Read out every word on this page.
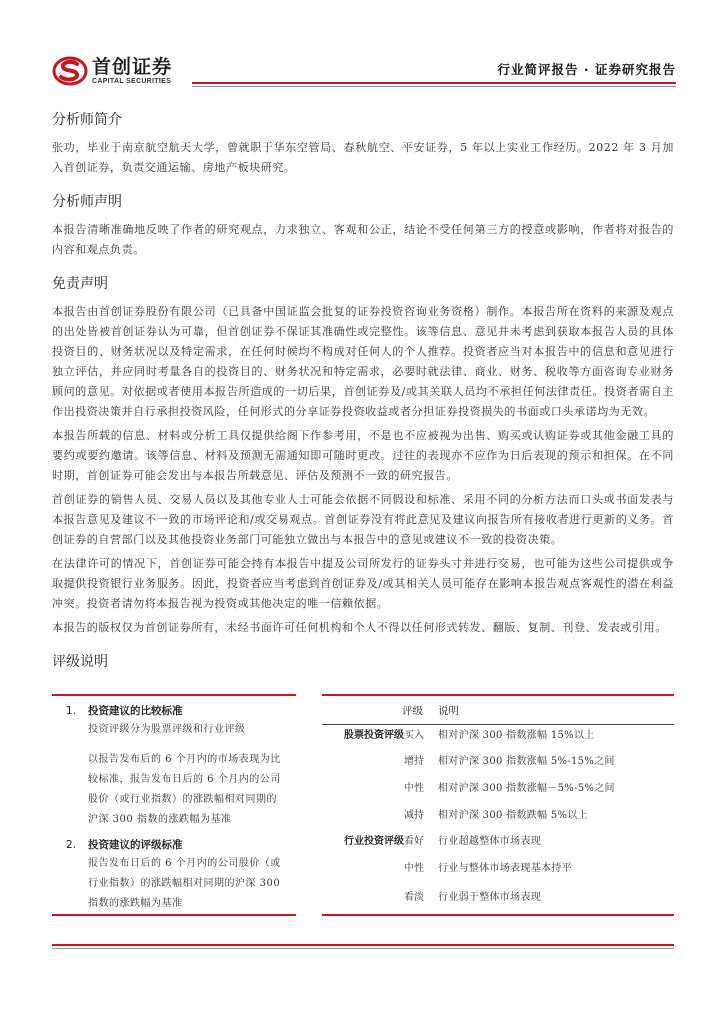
首创证券
CAPITAL SECURITIES
行业简评报告 · 证券研究报告
分析师简介
张功，毕业于南京航空航天大学，曾就职于华东空管局、春秋航空、平安证券，5 年以上实业工作经历。2022 年 3 月加入首创证券，负责交通运输、房地产板块研究。
分析师声明
本报告清晰准确地反映了作者的研究观点，力求独立、客观和公正，结论不受任何第三方的授意或影响，作者将对报告的内容和观点负责。
免责声明
本报告由首创证券股份有限公司（已具备中国证监会批复的证券投资咨询业务资格）制作。本报告所在资料的来源及观点的出处皆被首创证券认为可靠，但首创证券不保证其准确性或完整性。该等信息、意见并未考虑到获取本报告人员的具体投资目的、财务状况以及特定需求，在任何时候均不构成对任何人的个人推荐。投资者应当对本报告中的信息和意见进行独立评估，并应同时考量各自的投资目的、财务状况和特定需求，必要时就法律、商业、财务、税收等方面咨询专业财务顾问的意见。对依据或者使用本报告所造成的一切后果，首创证券及/或其关联人员均不承担任何法律责任。投资者需自主作出投资决策并自行承担投资风险，任何形式的分享证券投资收益或者分担证券投资损失的书面或口头承诺均为无效。
本报告所载的信息、材料或分析工具仅提供给阁下作参考用，不是也不应被视为出售、购买或认购证券或其他金融工具的要约或要约邀请。该等信息、材料及预测无需通知即可随时更改。过往的表现亦不应作为日后表现的预示和担保。在不同时期，首创证券可能会发出与本报告所载意见、评估及预测不一致的研究报告。
首创证券的销售人员、交易人员以及其他专业人士可能会依据不同假设和标准、采用不同的分析方法而口头或书面发表与本报告意见及建议不一致的市场评论和/或交易观点。首创证券没有将此意见及建议向报告所有接收者进行更新的义务。首创证券的自营部门以及其他投资业务部门可能独立做出与本报告中的意见或建议不一致的投资决策。
在法律许可的情况下，首创证券可能会持有本报告中提及公司所发行的证券头寸并进行交易，也可能为这些公司提供或争取提供投资银行业务服务。因此，投资者应当考虑到首创证券及/或其相关人员可能存在影响本报告观点客观性的潜在利益冲突。投资者请勿将本报告视为投资或其他决定的唯一信赖依据。
本报告的版权仅为首创证券所有，未经书面许可任何机构和个人不得以任何形式转发、翻版、复制、刊登、发表或引用。
评级说明
1. 投资建议的比较标准
投资评级分为股票评级和行业评级
以报告发布后的 6 个月内的市场表现为比
较标准，报告发布日后的 6 个月内的公司
股价（或行业指数）的涨跌幅相对同期的
沪深 300 指数的涨跌幅为基准
2. 投资建议的评级标准
报告发布日后的 6 个月内的公司股价（或
行业指数）的涨跌幅相对同期的沪深 300
指数的涨跌幅为基准
评级 说明
股票投资评级 买入 相对沪深 300 指数涨幅 15%以上
增持 相对沪深 300 指数涨幅 5%-15%之间
中性 相对沪深 300 指数涨幅－5%-5%之间
减持 相对沪深 300 指数跌幅 5%以上
行业投资评级 看好 行业超越整体市场表现
中性 行业与整体市场表现基本持平
看淡 行业弱于整体市场表现
